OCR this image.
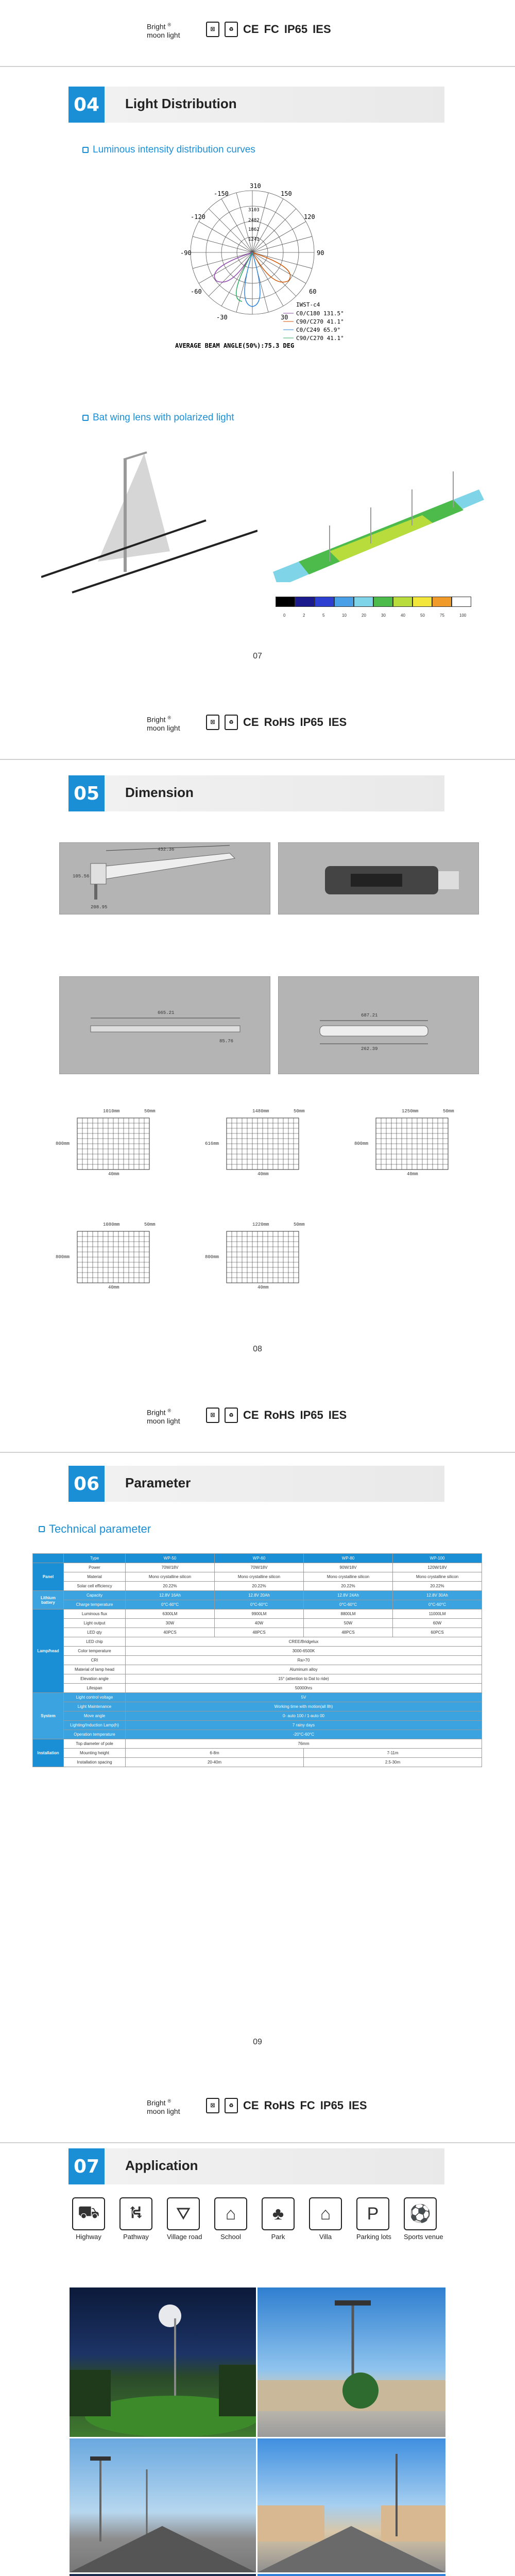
Bright ®
moon light
☒	♻ CE FC IP65 IES
04	Light Distribution
Luminous intensity distribution curves
310
-150	150
-120	120
-90	90
-60	60
-30	30
3103
2482
1862
1241
IWST-c4
C0/C180 131.5°
C90/C270 41.1°
C0/C249 65.9°
C90/C270 41.1°
AVERAGE BEAM ANGLE(50%):75.3 DEG
Bat wing lens with polarized light
0	2	5	10	20	30	40	50	75	100
07
Bright ®
moon light
☒	♻ CE RoHS IP65 IES
05	Dimension
432.36
105.56
208.95
665.21
85.76
687.21
262.39
1010mm
800mm
50mm
40mm
1480mm
616mm
50mm
40mm
1250mm
800mm
50mm
40mm
1080mm
800mm
50mm
40mm
1220mm
800mm
50mm
40mm
08
Bright ®
moon light
☒	♻ CE RoHS IP65 IES
06	Parameter
Technical parameter
	Type	WP-50	WP-60	WP-80	WP-100
Panel	Power	70W/18V	70W/18V	90W/18V	120W/18V
	Material	Mono crystalline silicon	Mono crystalline silicon	Mono crystalline silicon	Mono crystalline silicon
	Solar cell efficiency	20.22%	20.22%	20.22%	20.22%
Lithium battery	Capacity	12.8V 16Ah	12.8V 20Ah	12.8V 24Ah	12.8V 30Ah
	Charge temperature	0°C-60°C	0°C-60°C	0°C-60°C	0°C-60°C
Lamp/head	Luminous flux	6300LM	9900LM	8800LM	11000LM
	Light output	30W	40W	50W	60W
	LED qty	40PCS	48PCS	48PCS	60PCS
	LED chip	CREE/Bridgelux			
	Color temperature	3000-6500K			
	CRI	Ra>70			
	Material of lamp head	Aluminum alloy			
	Elevation angle	15° (attention to Dat to ride)			
	Lifespan	50000hrs			
System	Light control voltage	5V			
	Light Maintenance	Working time with motion(all 8h)			
	Move angle	0- auto 100 / 1-auto 00			
	Lighting/Induction Lamp(h)	7 rainy days			
	Operation temperature	-20°C-60°C			
Installation	Top diameter of pole	76mm			
	Mounting height	6-8m		7-11m	
	Installation spacing	20-40m		2.5-30m	
09
Bright ®
moon light
☒	♻ CE RoHS FC IP65 IES
07	Application
⛟
Highway
⛕
Pathway
⛛
Village road
⌂
School
♣
Park
⌂
Villa
P
Parking lots
⚽
Sports venue
